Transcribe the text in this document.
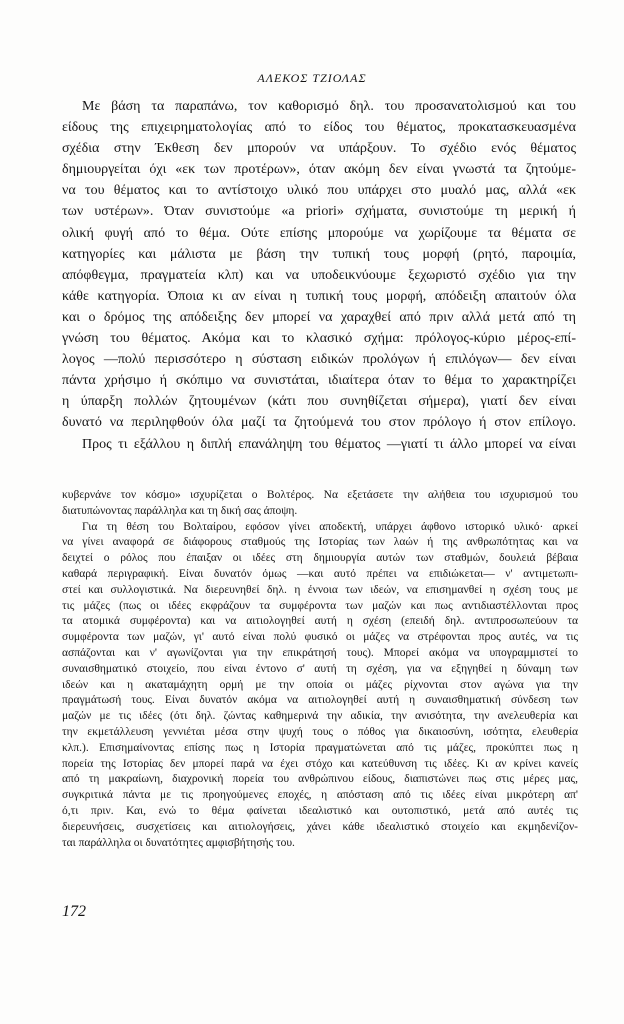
ΑΛΕΚΟΣ ΤΖΙΟΛΑΣ
Με βάση τα παραπάνω, τον καθορισμό δηλ. του προσανατολισμού και του
είδους της επιχειρηματολογίας από το είδος του θέματος, προκατασκευασμένα
σχέδια στην Έκθεση δεν μπορούν να υπάρξουν. Το σχέδιο ενός θέματος
δημιουργείται όχι «εκ των προτέρων», όταν ακόμη δεν είναι γνωστά τα ζητούμε-
να του θέματος και το αντίστοιχο υλικό που υπάρχει στο μυαλό μας, αλλά «εκ
των υστέρων». Όταν συνιστούμε «a priori» σχήματα, συνιστούμε τη μερική ή
ολική φυγή από το θέμα. Ούτε επίσης μπορούμε να χωρίζουμε τα θέματα σε
κατηγορίες και μάλιστα με βάση την τυπική τους μορφή (ρητό, παροιμία,
απόφθεγμα, πραγματεία κλπ) και να υποδεικνύουμε ξεχωριστό σχέδιο για την
κάθε κατηγορία. Όποια κι αν είναι η τυπική τους μορφή, απόδειξη απαιτούν όλα
και ο δρόμος της απόδειξης δεν μπορεί να χαραχθεί από πριν αλλά μετά από τη
γνώση του θέματος. Ακόμα και το κλασικό σχήμα: πρόλογος-κύριο μέρος-επί-
λογος —πολύ περισσότερο η σύσταση ειδικών προλόγων ή επιλόγων— δεν είναι
πάντα χρήσιμο ή σκόπιμο να συνιστάται, ιδιαίτερα όταν το θέμα το χαρακτηρίζει
η ύπαρξη πολλών ζητουμένων (κάτι που συνηθίζεται σήμερα), γιατί δεν είναι
δυνατό να περιληφθούν όλα μαζί τα ζητούμενά του στον πρόλογο ή στον επίλογο.
Προς τι εξάλλου η διπλή επανάληψη του θέματος —γιατί τι άλλο μπορεί να είναι
κυβερνάνε τον κόσμο» ισχυρίζεται ο Βολτέρος. Να εξετάσετε την αλήθεια του ισχυρισμού του
διατυπώνοντας παράλληλα και τη δική σας άποψη.
Για τη θέση του Βολταίρου, εφόσον γίνει αποδεκτή, υπάρχει άφθονο ιστορικό υλικό· αρκεί
να γίνει αναφορά σε διάφορους σταθμούς της Ιστορίας των λαών ή της ανθρωπότητας και να
δειχτεί ο ρόλος που έπαιξαν οι ιδέες στη δημιουργία αυτών των σταθμών, δουλειά βέβαια
καθαρά περιγραφική. Είναι δυνατόν όμως —και αυτό πρέπει να επιδιώκεται— ν' αντιμετωπι-
στεί και συλλογιστικά. Να διερευνηθεί δηλ. η έννοια των ιδεών, να επισημανθεί η σχέση τους με
τις μάζες (πως οι ιδέες εκφράζουν τα συμφέροντα των μαζών και πως αντιδιαστέλλονται προς
τα ατομικά συμφέροντα) και να αιτιολογηθεί αυτή η σχέση (επειδή δηλ. αντιπροσωπεύουν τα
συμφέροντα των μαζών, γι' αυτό είναι πολύ φυσικό οι μάζες να στρέφονται προς αυτές, να τις
ασπάζονται και ν' αγωνίζονται για την επικράτησή τους). Μπορεί ακόμα να υπογραμμιστεί το
συναισθηματικό στοιχείο, που είναι έντονο σ' αυτή τη σχέση, για να εξηγηθεί η δύναμη των
ιδεών και η ακαταμάχητη ορμή με την οποία οι μάζες ρίχνονται στον αγώνα για την
πραγμάτωσή τους. Είναι δυνατόν ακόμα να αιτιολογηθεί αυτή η συναισθηματική σύνδεση των
μαζών με τις ιδέες (ότι δηλ. ζώντας καθημερινά την αδικία, την ανισότητα, την ανελευθερία και
την εκμετάλλευση γεννιέται μέσα στην ψυχή τους ο πόθος για δικαιοσύνη, ισότητα, ελευθερία
κλπ.). Επισημαίνοντας επίσης πως η Ιστορία πραγματώνεται από τις μάζες, προκύπτει πως η
πορεία της Ιστορίας δεν μπορεί παρά να έχει στόχο και κατεύθυνση τις ιδέες. Κι αν κρίνει κανείς
από τη μακραίωνη, διαχρονική πορεία του ανθρώπινου είδους, διαπιστώνει πως στις μέρες μας,
συγκριτικά πάντα με τις προηγούμενες εποχές, η απόσταση από τις ιδέες είναι μικρότερη απ'
ό,τι πριν. Και, ενώ το θέμα φαίνεται ιδεαλιστικό και ουτοπιστικό, μετά από αυτές τις
διερευνήσεις, συσχετίσεις και αιτιολογήσεις, χάνει κάθε ιδεαλιστικό στοιχείο και εκμηδενίζον-
ται παράλληλα οι δυνατότητες αμφισβήτησής του.
172
